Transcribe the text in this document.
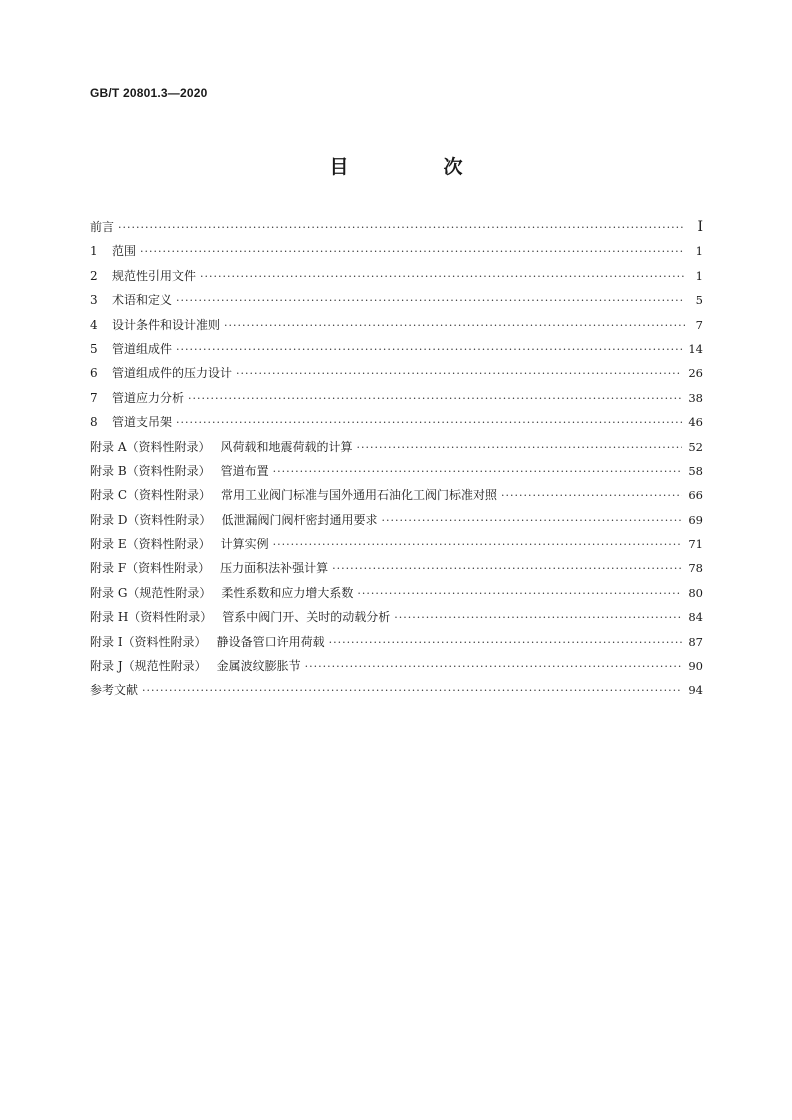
GB/T 20801.3—2020
目　次
前言 ·····	Ⅰ
1 范围 ·····	1
2 规范性引用文件 ·····	1
3 术语和定义 ·····	5
4 设计条件和设计准则 ·····	7
5 管道组成件 ·····	14
6 管道组成件的压力设计 ·····	26
7 管道应力分析 ·····	38
8 管道支吊架 ·····	46
附录 A（资料性附录） 风荷载和地震荷载的计算 ·····	52
附录 B（资料性附录） 管道布置 ·····	58
附录 C（资料性附录） 常用工业阀门标准与国外通用石油化工阀门标准对照 ·····	66
附录 D（资料性附录） 低泄漏阀门阀杆密封通用要求 ·····	69
附录 E（资料性附录） 计算实例 ·····	71
附录 F（资料性附录） 压力面积法补强计算 ·····	78
附录 G（规范性附录） 柔性系数和应力增大系数 ·····	80
附录 H（资料性附录） 管系中阀门开、关时的动载分析 ·····	84
附录 I（资料性附录） 静设备管口许用荷载 ·····	87
附录 J（规范性附录） 金属波纹膨胀节 ·····	90
参考文献 ·····	94
